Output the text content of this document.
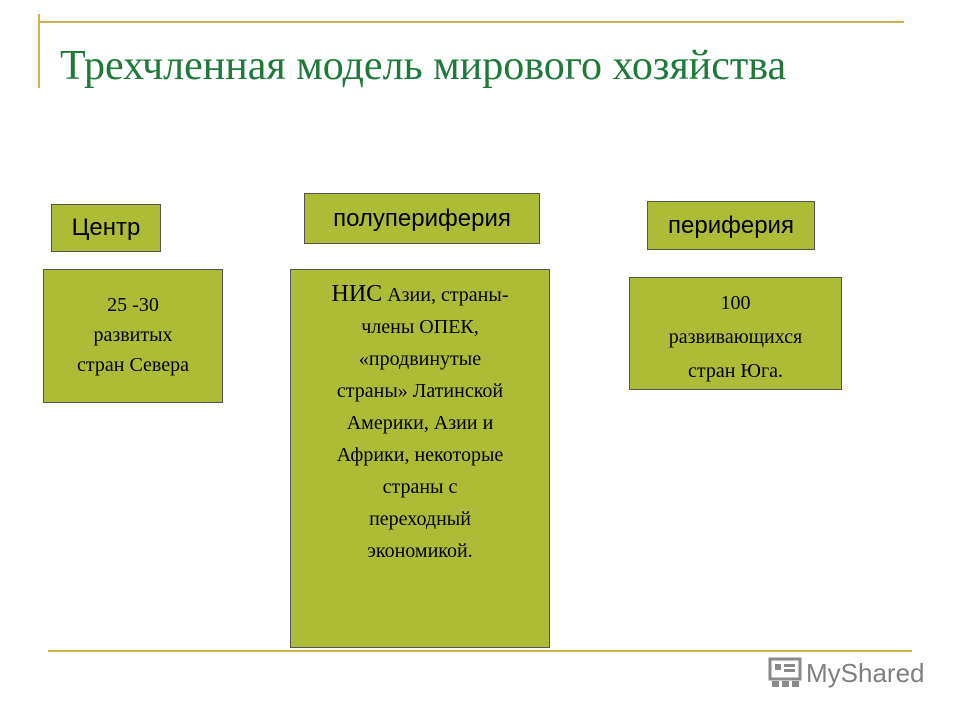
Трехчленная модель мирового хозяйства
Центр	полупериферия	периферия
25 -30
развитых
стран Севера
НИС Азии, страны-
члены ОПЕК,
«продвинутые
страны» Латинской
Америки, Азии и
Африки, некоторые
страны с
переходный
экономикой.
100
развивающихся
стран Юга.
MyShared
